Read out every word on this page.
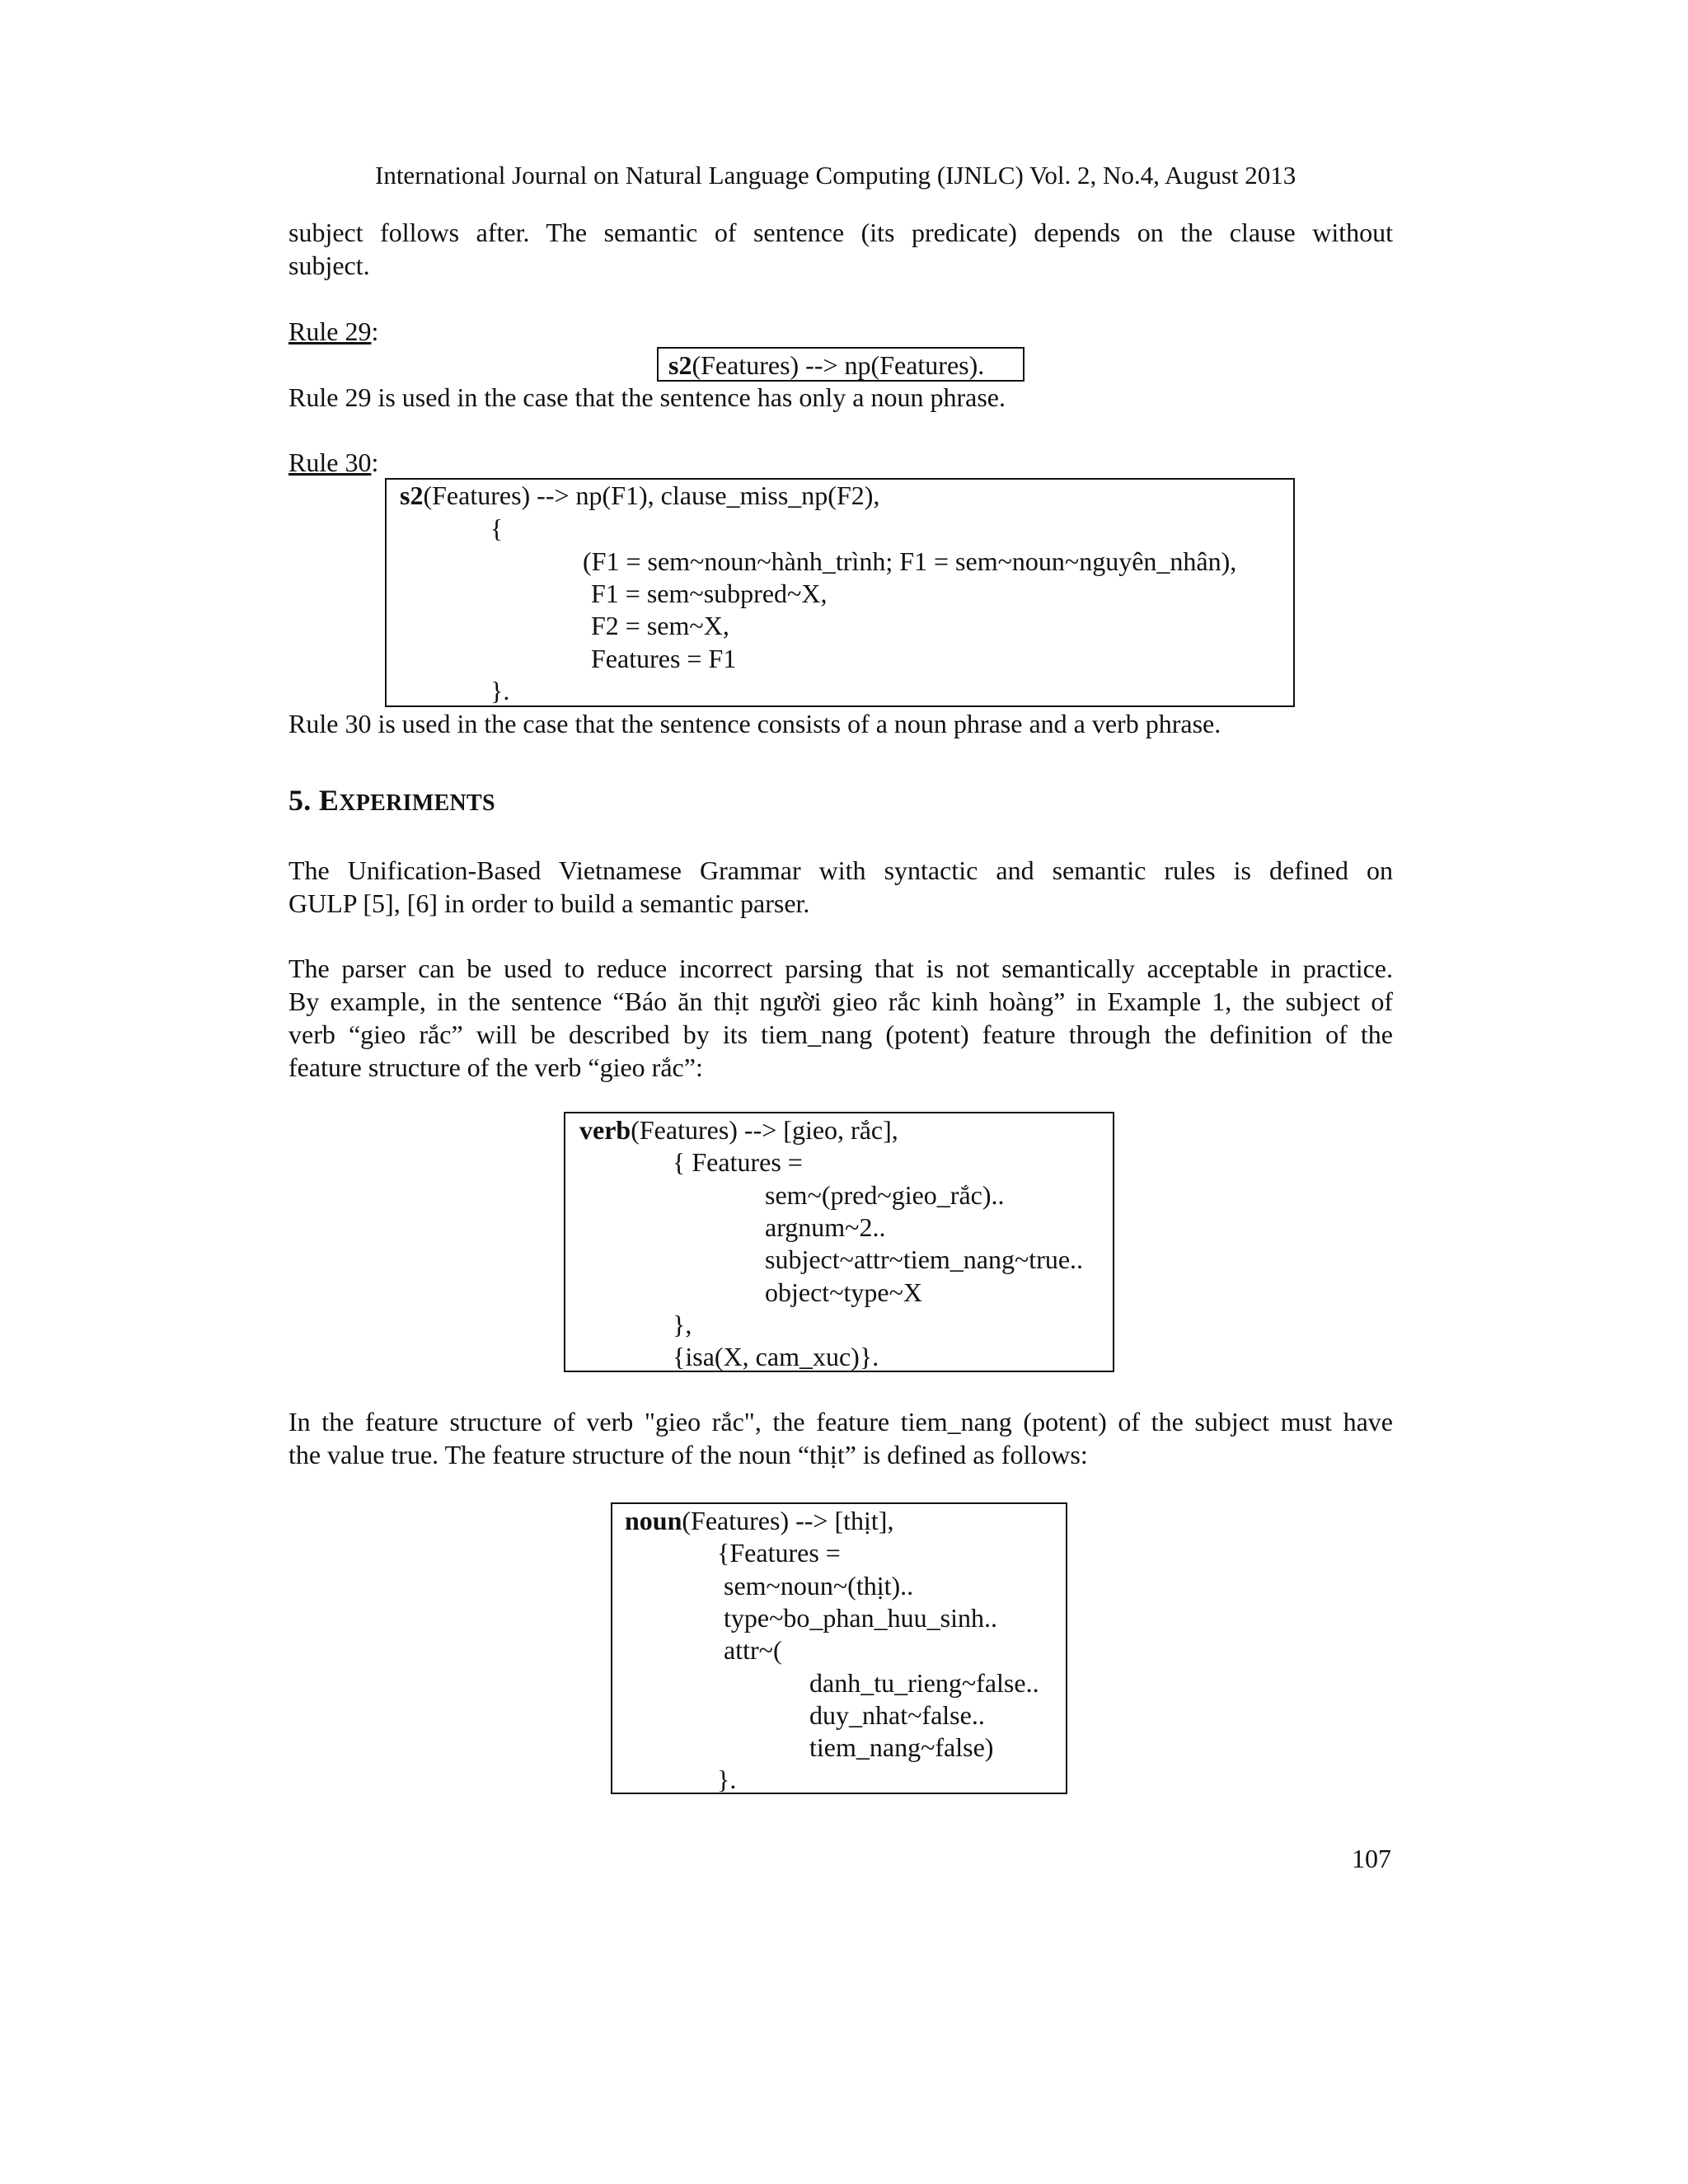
International Journal on Natural Language Computing (IJNLC) Vol. 2, No.4, August 2013
subject follows after. The semantic of sentence (its predicate) depends on the clause without
subject.
Rule 29:
s2(Features) --> np(Features).
Rule 29 is used in the case that the sentence has only a noun phrase.
Rule 30:
s2(Features) --> np(F1), clause_miss_np(F2),
{
(F1 = sem~noun~hành_trình; F1 = sem~noun~nguyên_nhân),
F1 = sem~subpred~X,
F2 = sem~X,
Features = F1
}.
Rule 30 is used in the case that the sentence consists of a noun phrase and a verb phrase.
5. EXPERIMENTS
The Unification-Based Vietnamese Grammar with syntactic and semantic rules is defined on
GULP [5], [6] in order to build a semantic parser.
The parser can be used to reduce incorrect parsing that is not semantically acceptable in practice.
By example, in the sentence “Báo ăn thịt người gieo rắc kinh hoàng” in Example 1, the subject of
verb “gieo rắc” will be described by its tiem_nang (potent) feature through the definition of the
feature structure of the verb “gieo rắc”:
verb(Features) --> [gieo, rắc],
{ Features =
sem~(pred~gieo_rắc)..
argnum~2..
subject~attr~tiem_nang~true..
object~type~X
},
{isa(X, cam_xuc)}.
In the feature structure of verb "gieo rắc", the feature tiem_nang (potent) of the subject must have
the value true. The feature structure of the noun “thịt” is defined as follows:
noun(Features) --> [thịt],
{Features =
sem~noun~(thịt)..
type~bo_phan_huu_sinh..
attr~(
danh_tu_rieng~false..
duy_nhat~false..
tiem_nang~false)
}.
107
